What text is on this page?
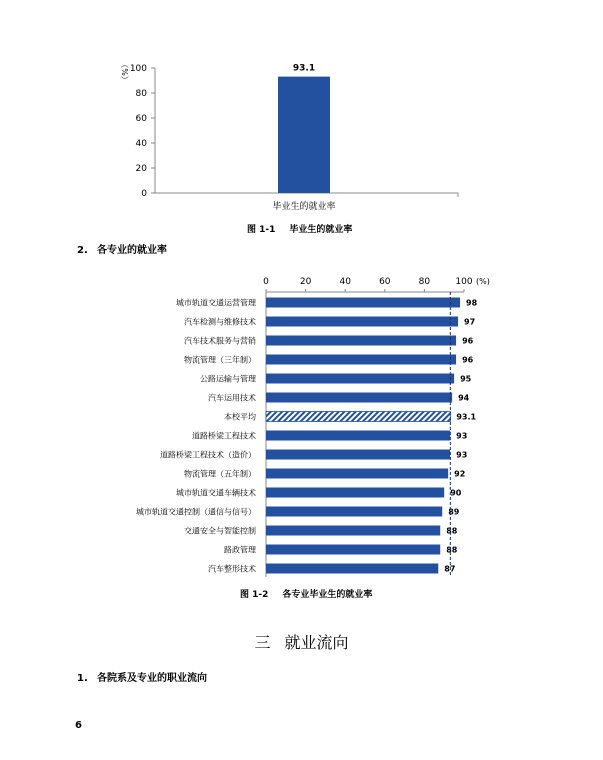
0
20
40
60
80
100
（%）	93.1
毕业生的就业率
图 1-1 毕业生的就业率
2. 各专业的就业率
0	20	40	60	80	100 (%)
城市轨道交通运营管理	98
汽车检测与维修技术	97
汽车技术服务与营销	96
物流管理（三年制）	96
公路运输与管理	95
汽车运用技术	94
本校平均	93.1
道路桥梁工程技术	93
道路桥梁工程技术（造价）	93
物流管理（五年制）	92
城市轨道交通车辆技术	90
城市轨道交通控制（通信与信号）	89
交通安全与智能控制	88
路政管理	88
汽车整形技术	87
图 1-2 各专业毕业生的就业率
三 就业流向
1. 各院系及专业的职业流向
6
